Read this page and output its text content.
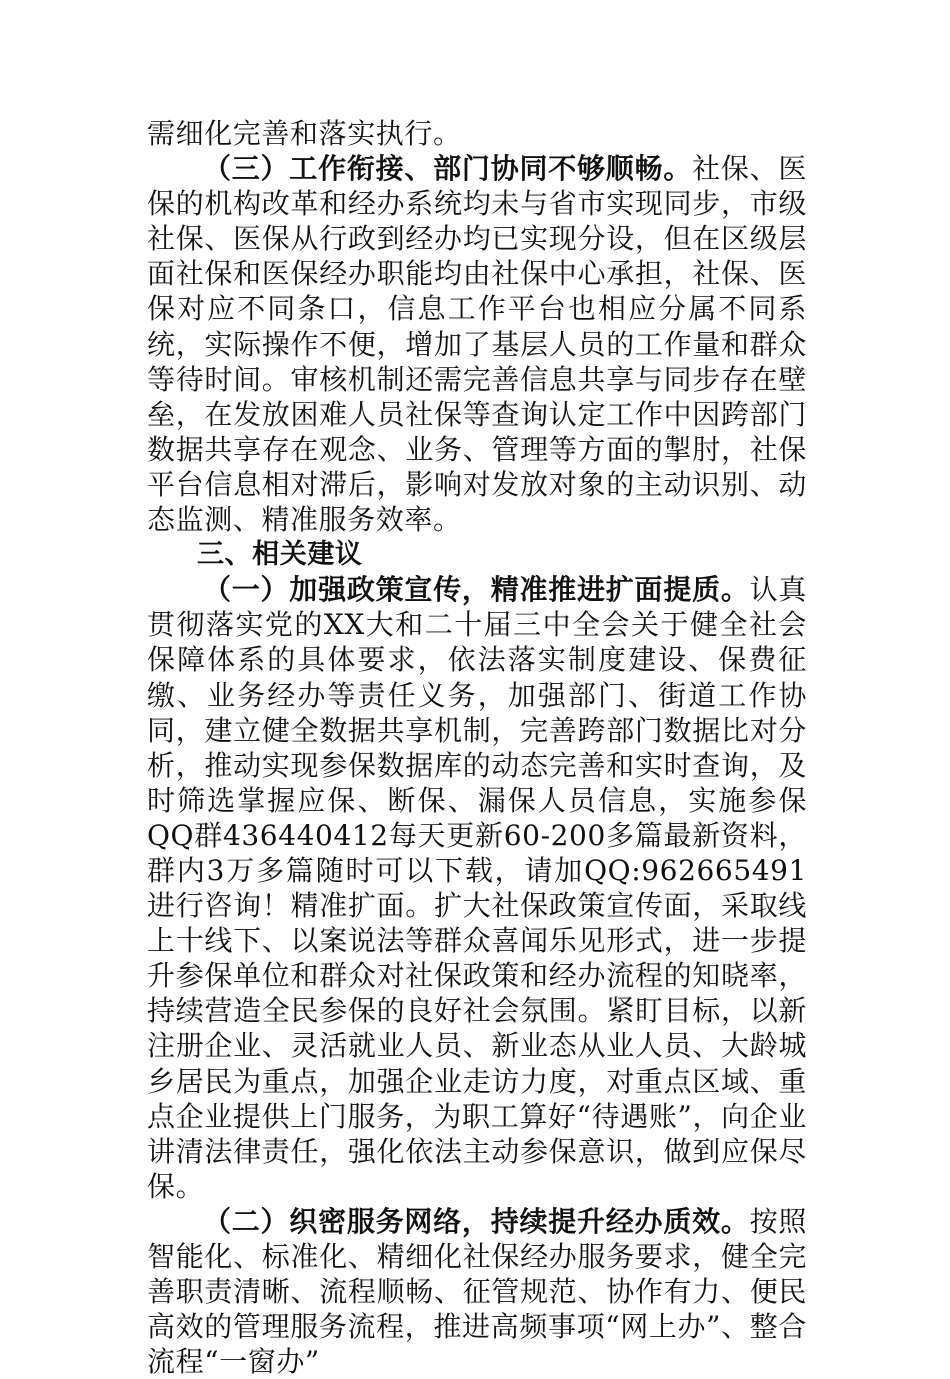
需细化完善和落实执行。

（三）工作衔接、部门协同不够顺畅。社保、医保的机构改革和经办系统均未与省市实现同步，市级社保、医保从行政到经办均已实现分设，但在区级层面社保和医保经办职能均由社保中心承担，社保、医保对应不同条口，信息工作平台也相应分属不同系统，实际操作不便，增加了基层人员的工作量和群众等待时间。审核机制还需完善信息共享与同步存在壁垒，在发放困难人员社保等查询认定工作中因跨部门数据共享存在观念、业务、管理等方面的掣肘，社保平台信息相对滞后，影响对发放对象的主动识别、动态监测、精准服务效率。

三、相关建议

（一）加强政策宣传，精准推进扩面提质。认真贯彻落实党的XX大和二十届三中全会关于健全社会保障体系的具体要求，依法落实制度建设、保费征缴、业务经办等责任义务，加强部门、街道工作协同，建立健全数据共享机制，完善跨部门数据比对分析，推动实现参保数据库的动态完善和实时查询，及时筛选掌握应保、断保、漏保人员信息，实施参保QQ群436440412每天更新60-200多篇最新资料，群内3万多篇随时可以下载，请加QQ:962665491进行咨询！精准扩面。扩大社保政策宣传面，采取线上十线下、以案说法等群众喜闻乐见形式，进一步提升参保单位和群众对社保政策和经办流程的知晓率，持续营造全民参保的良好社会氛围。紧盯目标，以新注册企业、灵活就业人员、新业态从业人员、大龄城乡居民为重点，加强企业走访力度，对重点区域、重点企业提供上门服务，为职工算好“待遇账”，向企业讲清法律责任，强化依法主动参保意识，做到应保尽保。

（二）织密服务网络，持续提升经办质效。按照智能化、标准化、精细化社保经办服务要求，健全完善职责清晰、流程顺畅、征管规范、协作有力、便民高效的管理服务流程，推进高频事项“网上办”、整合流程“一窗办”
